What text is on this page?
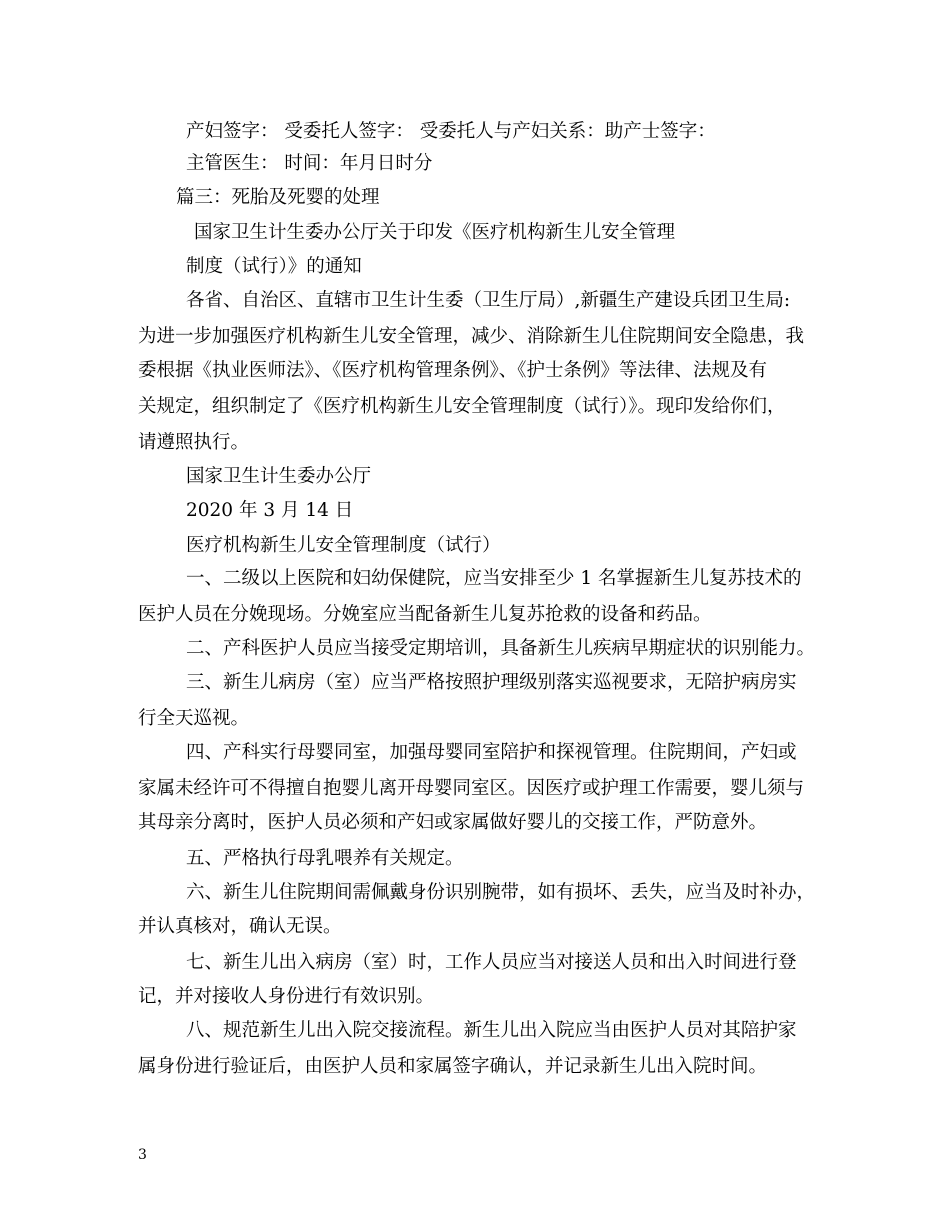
产妇签字： 受委托人签字： 受委托人与产妇关系：助产士签字：
主管医生： 时间：年月日时分
篇三：死胎及死婴的处理
国家卫生计生委办公厅关于印发《医疗机构新生儿安全管理
制度（试行）》的通知
各省、自治区、直辖市卫生计生委（卫生厅局）,新疆生产建设兵团卫生局:
为进一步加强医疗机构新生儿安全管理，减少、消除新生儿住院期间安全隐患，我
委根据《执业医师法》、《医疗机构管理条例》、《护士条例》等法律、法规及有
关规定，组织制定了《医疗机构新生儿安全管理制度（试行）》。现印发给你们，
请遵照执行。
国家卫生计生委办公厅
2020 年 3 月 14 日
医疗机构新生儿安全管理制度（试行）
一、二级以上医院和妇幼保健院，应当安排至少 1 名掌握新生儿复苏技术的
医护人员在分娩现场。分娩室应当配备新生儿复苏抢救的设备和药品。
二、产科医护人员应当接受定期培训，具备新生儿疾病早期症状的识别能力。
三、新生儿病房（室）应当严格按照护理级别落实巡视要求，无陪护病房实
行全天巡视。
四、产科实行母婴同室，加强母婴同室陪护和探视管理。住院期间，产妇或
家属未经许可不得擅自抱婴儿离开母婴同室区。因医疗或护理工作需要，婴儿须与
其母亲分离时，医护人员必须和产妇或家属做好婴儿的交接工作，严防意外。
五、严格执行母乳喂养有关规定。
六、新生儿住院期间需佩戴身份识别腕带，如有损坏、丢失，应当及时补办，
并认真核对，确认无误。
七、新生儿出入病房（室）时，工作人员应当对接送人员和出入时间进行登
记，并对接收人身份进行有效识别。
八、规范新生儿出入院交接流程。新生儿出入院应当由医护人员对其陪护家
属身份进行验证后，由医护人员和家属签字确认，并记录新生儿出入院时间。
3
